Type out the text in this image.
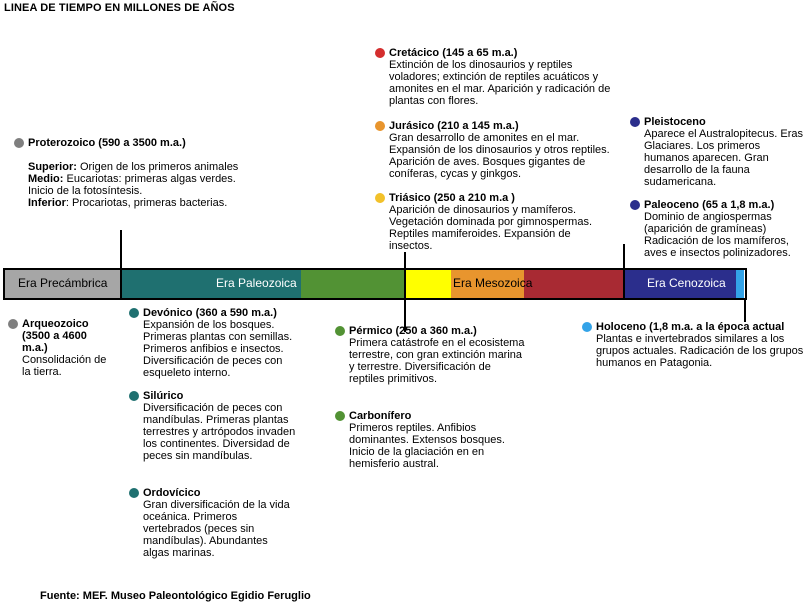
LINEA DE TIEMPO EN MILLONES DE AÑOS
Era Precámbrica	Era Paleozoica	Era Mesozoica	Era Cenozoica
Proterozoico (590 a 3500 m.a.)
Superior: Origen de los primeros animales
Medio: Eucariotas: primeras algas verdes. Inicio de la fotosíntesis.
Inferior: Procariotas, primeras bacterias.
Arqueozoico (3500 a 4600 m.a.)
Consolidación de la tierra.
Devónico (360 a 590 m.a.)
Expansión de los bosques. Primeras plantas con semillas. Primeros anfibios e insectos. Diversificación de peces con esqueleto interno.
Silúrico
Diversificación de peces con mandíbulas. Primeras plantas terrestres y artrópodos invaden los continentes. Diversidad de peces sin mandíbulas.
Ordovícico
Gran diversificación de la vida oceánica. Primeros vertebrados (peces sin mandíbulas). Abundantes algas marinas.
Pérmico (250 a 360 m.a.)
Primera catástrofe en el ecosistema terrestre, con gran extinción marina y terrestre. Diversificación de reptiles primitivos.
Carbonífero
Primeros reptiles. Anfibios dominantes. Extensos bosques. Inicio de la glaciación en en hemisferio austral.
Cretácico (145 a 65 m.a.)
Extinción de los dinosaurios y reptiles voladores; extinción de reptiles acuáticos y amonites en el mar. Aparición y radicación de plantas con flores.
Jurásico (210 a 145 m.a.)
Gran desarrollo de amonites en el mar. Expansión de los dinosaurios y otros reptiles. Aparición de aves. Bosques gigantes de coníferas, cycas y ginkgos.
Triásico (250 a 210 m.a )
Aparición de dinosaurios y mamíferos. Vegetación dominada por gimnospermas. Reptiles mamiferoides. Expansión de insectos.
Pleistoceno
Aparece el Australopitecus. Eras Glaciares. Los primeros humanos aparecen. Gran desarrollo de la fauna sudamericana.
Paleoceno (65 a 1,8 m.a.)
Dominio de angiospermas (aparición de gramíneas) Radicación de los mamíferos, aves e insectos polinizadores.
Holoceno (1,8 m.a. a la época actual
Plantas e invertebrados similares a los grupos actuales. Radicación de los grupos humanos en Patagonia.
Fuente: MEF. Museo Paleontológico Egidio Feruglio
